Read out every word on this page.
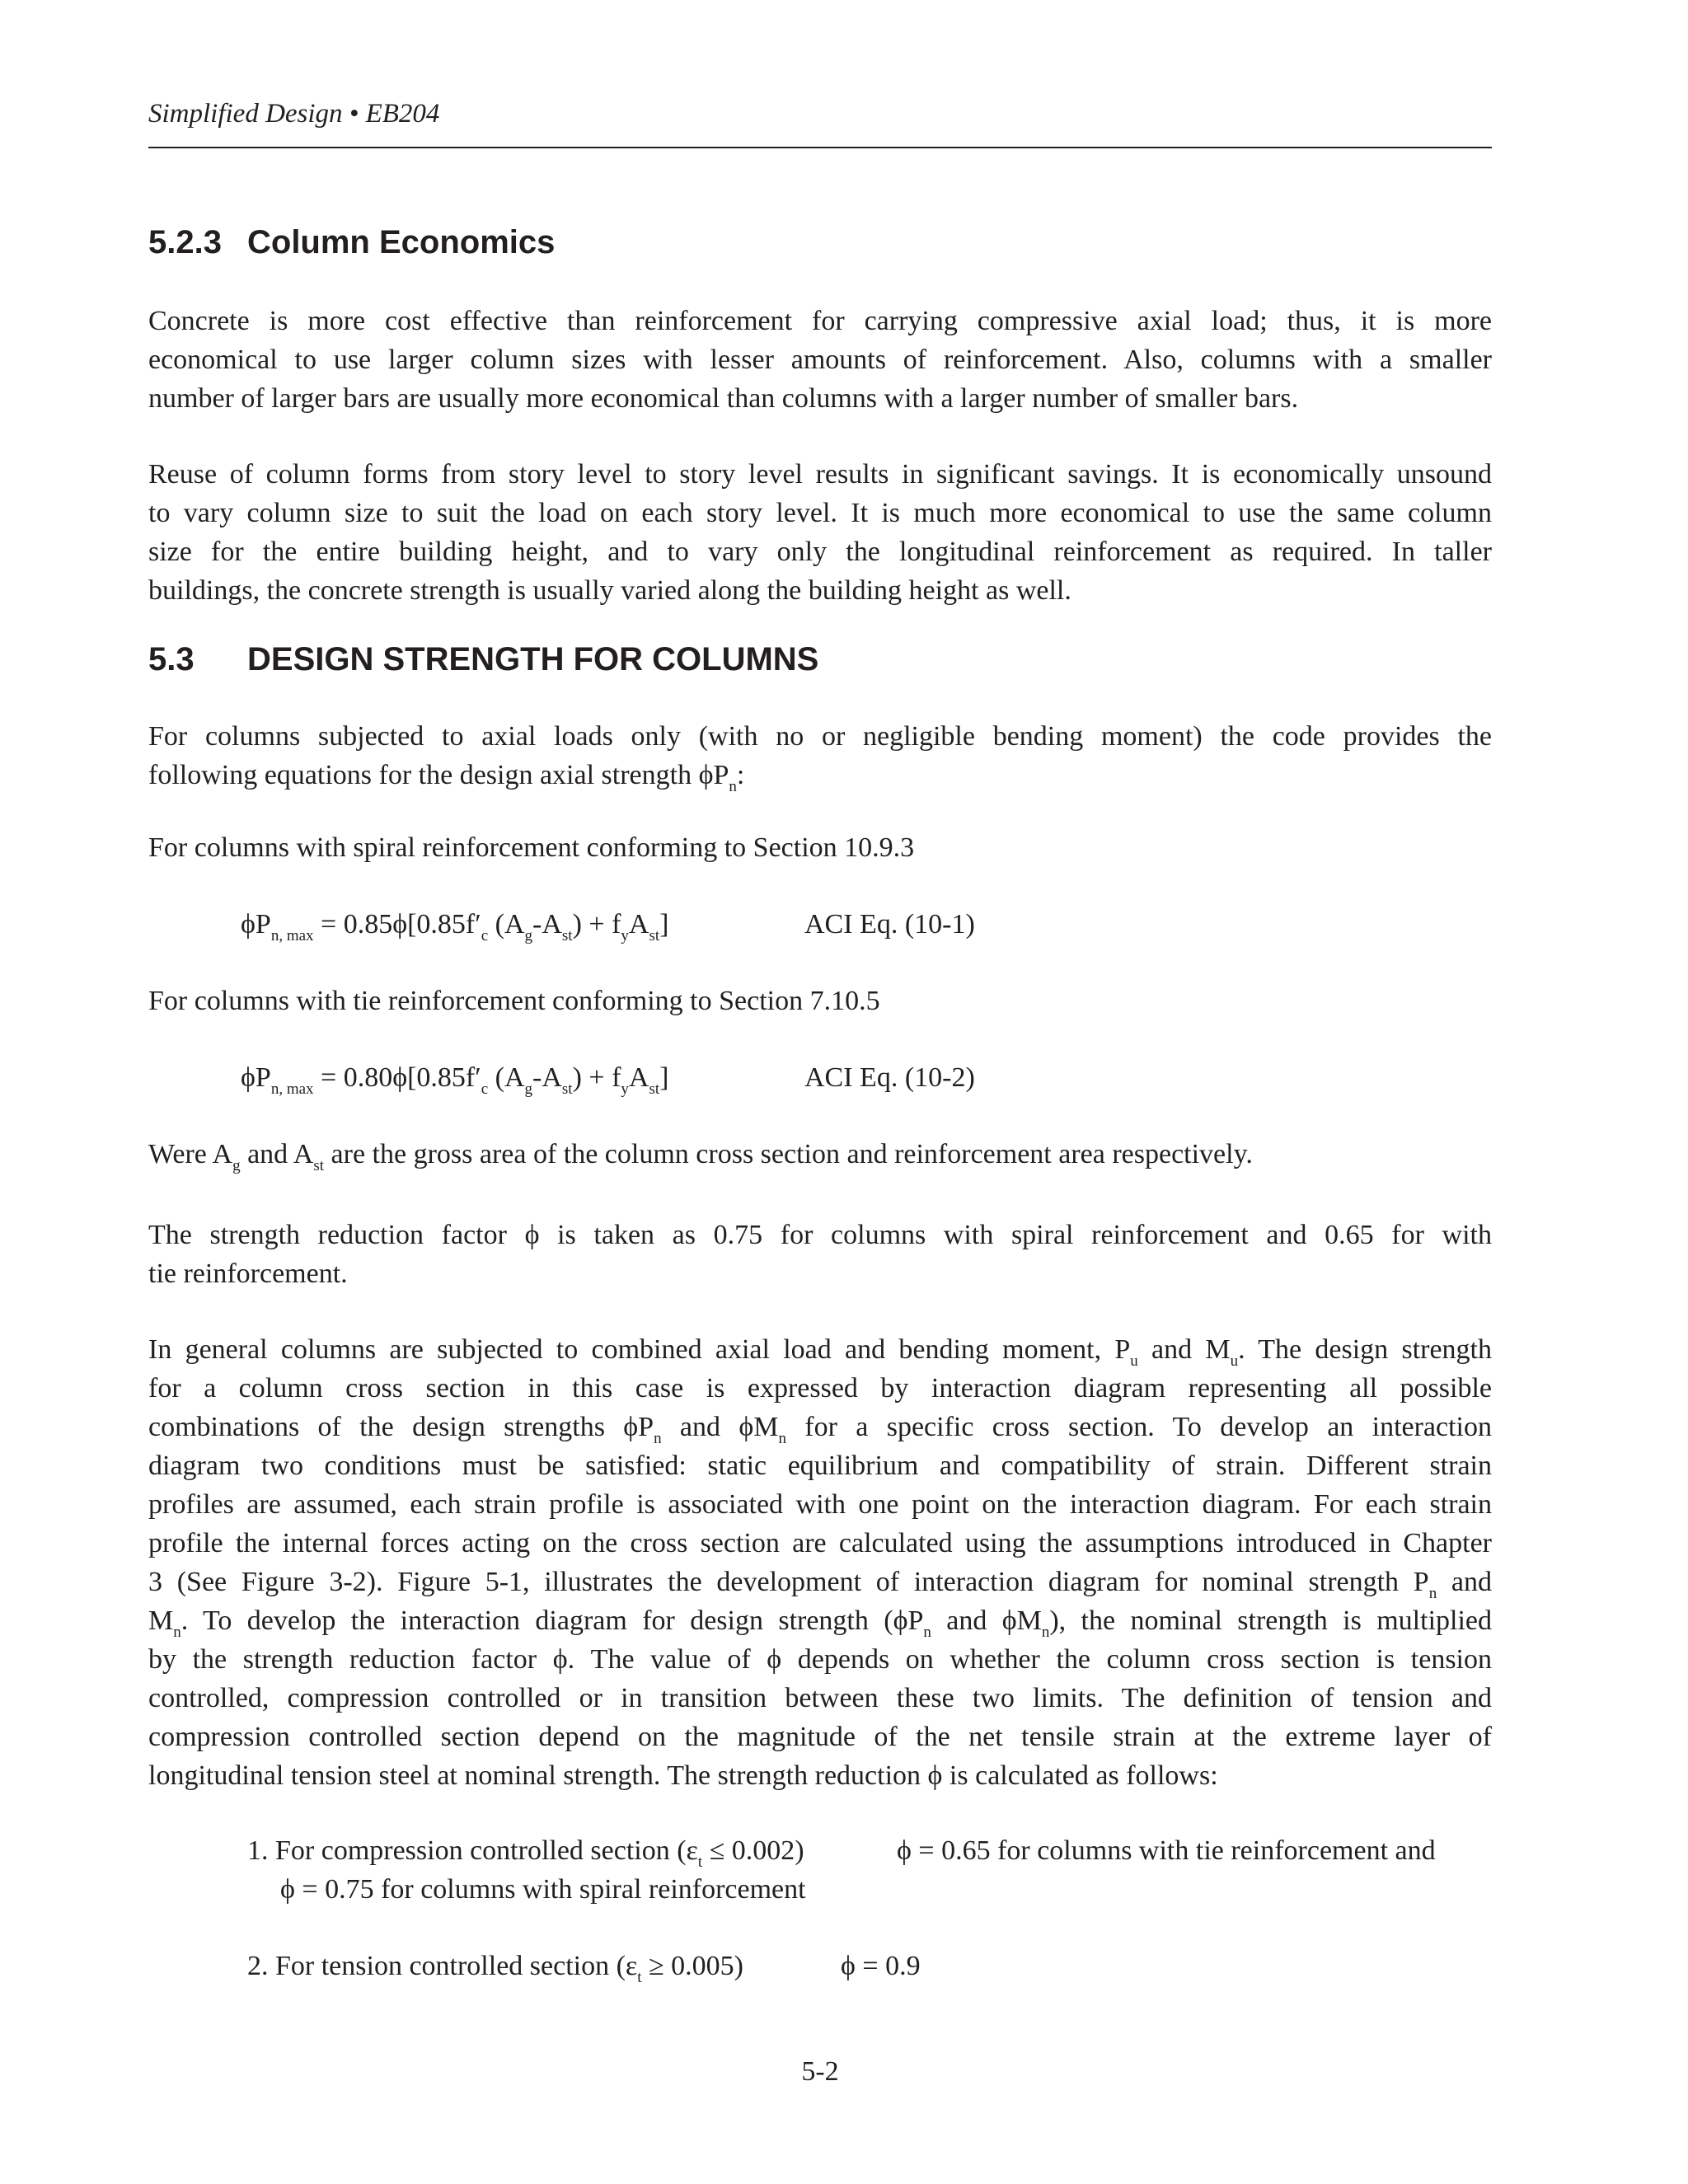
Simplified Design • EB204
5.2.3 Column Economics
Concrete is more cost effective than reinforcement for carrying compressive axial load; thus, it is more
economical to use larger column sizes with lesser amounts of reinforcement. Also, columns with a smaller
number of larger bars are usually more economical than columns with a larger number of smaller bars.
Reuse of column forms from story level to story level results in significant savings. It is economically unsound
to vary column size to suit the load on each story level. It is much more economical to use the same column
size for the entire building height, and to vary only the longitudinal reinforcement as required. In taller
buildings, the concrete strength is usually varied along the building height as well.
5.3 DESIGN STRENGTH FOR COLUMNS
For columns subjected to axial loads only (with no or negligible bending moment) the code provides the
following equations for the design axial strength $\phi P_n$:
For columns with spiral reinforcement conforming to Section 10.9.3
$\phi P_{n, max} = 0.85\phi[0.85f'_c$ $(A_g-A_{st}) + f_yA_{st}$]	ACI Eq. (10-1)
For columns with tie reinforcement conforming to Section 7.10.5
$\phi P_{n, max} = 0.80\phi[0.85f'_c$ $(A_g-A_{st}) + f_yA_{st}$]	ACI Eq. (10-2)
Were $A_g$ and $A_{st}$ are the gross area of the column cross section and reinforcement area respectively.
The strength reduction factor ϕ is taken as 0.75 for columns with spiral reinforcement and 0.65 for with
tie reinforcement.
In general columns are subjected to combined axial load and bending moment, $P_u$ and $M_u$. The design strength
for a column cross section in this case is expressed by interaction diagram representing all possible
combinations of the design strengths $\phi P_n$ and $\phi M_n$ for a specific cross section. To develop an interaction
diagram two conditions must be satisfied: static equilibrium and compatibility of strain. Different strain
profiles are assumed, each strain profile is associated with one point on the interaction diagram. For each strain
profile the internal forces acting on the cross section are calculated using the assumptions introduced in Chapter
3 (See Figure 3-2). Figure 5-1, illustrates the development of interaction diagram for nominal strength $P_n$ and
$M_n$. To develop the interaction diagram for design strength ($\phi P_n$ and $\phi M_n$), the nominal strength is multiplied
by the strength reduction factor ϕ. The value of ϕ depends on whether the column cross section is tension
controlled, compression controlled or in transition between these two limits. The definition of tension and
compression controlled section depend on the magnitude of the net tensile strain at the extreme layer of
longitudinal tension steel at nominal strength. The strength reduction ϕ is calculated as follows:
1. For compression controlled section $(\varepsilon_t \le 0.002)$	ϕ = 0.65 for columns with tie reinforcement and
ϕ = 0.75 for columns with spiral reinforcement
2. For tension controlled section $(\varepsilon_t \ge 0.005)$	ϕ = 0.9
5-2
